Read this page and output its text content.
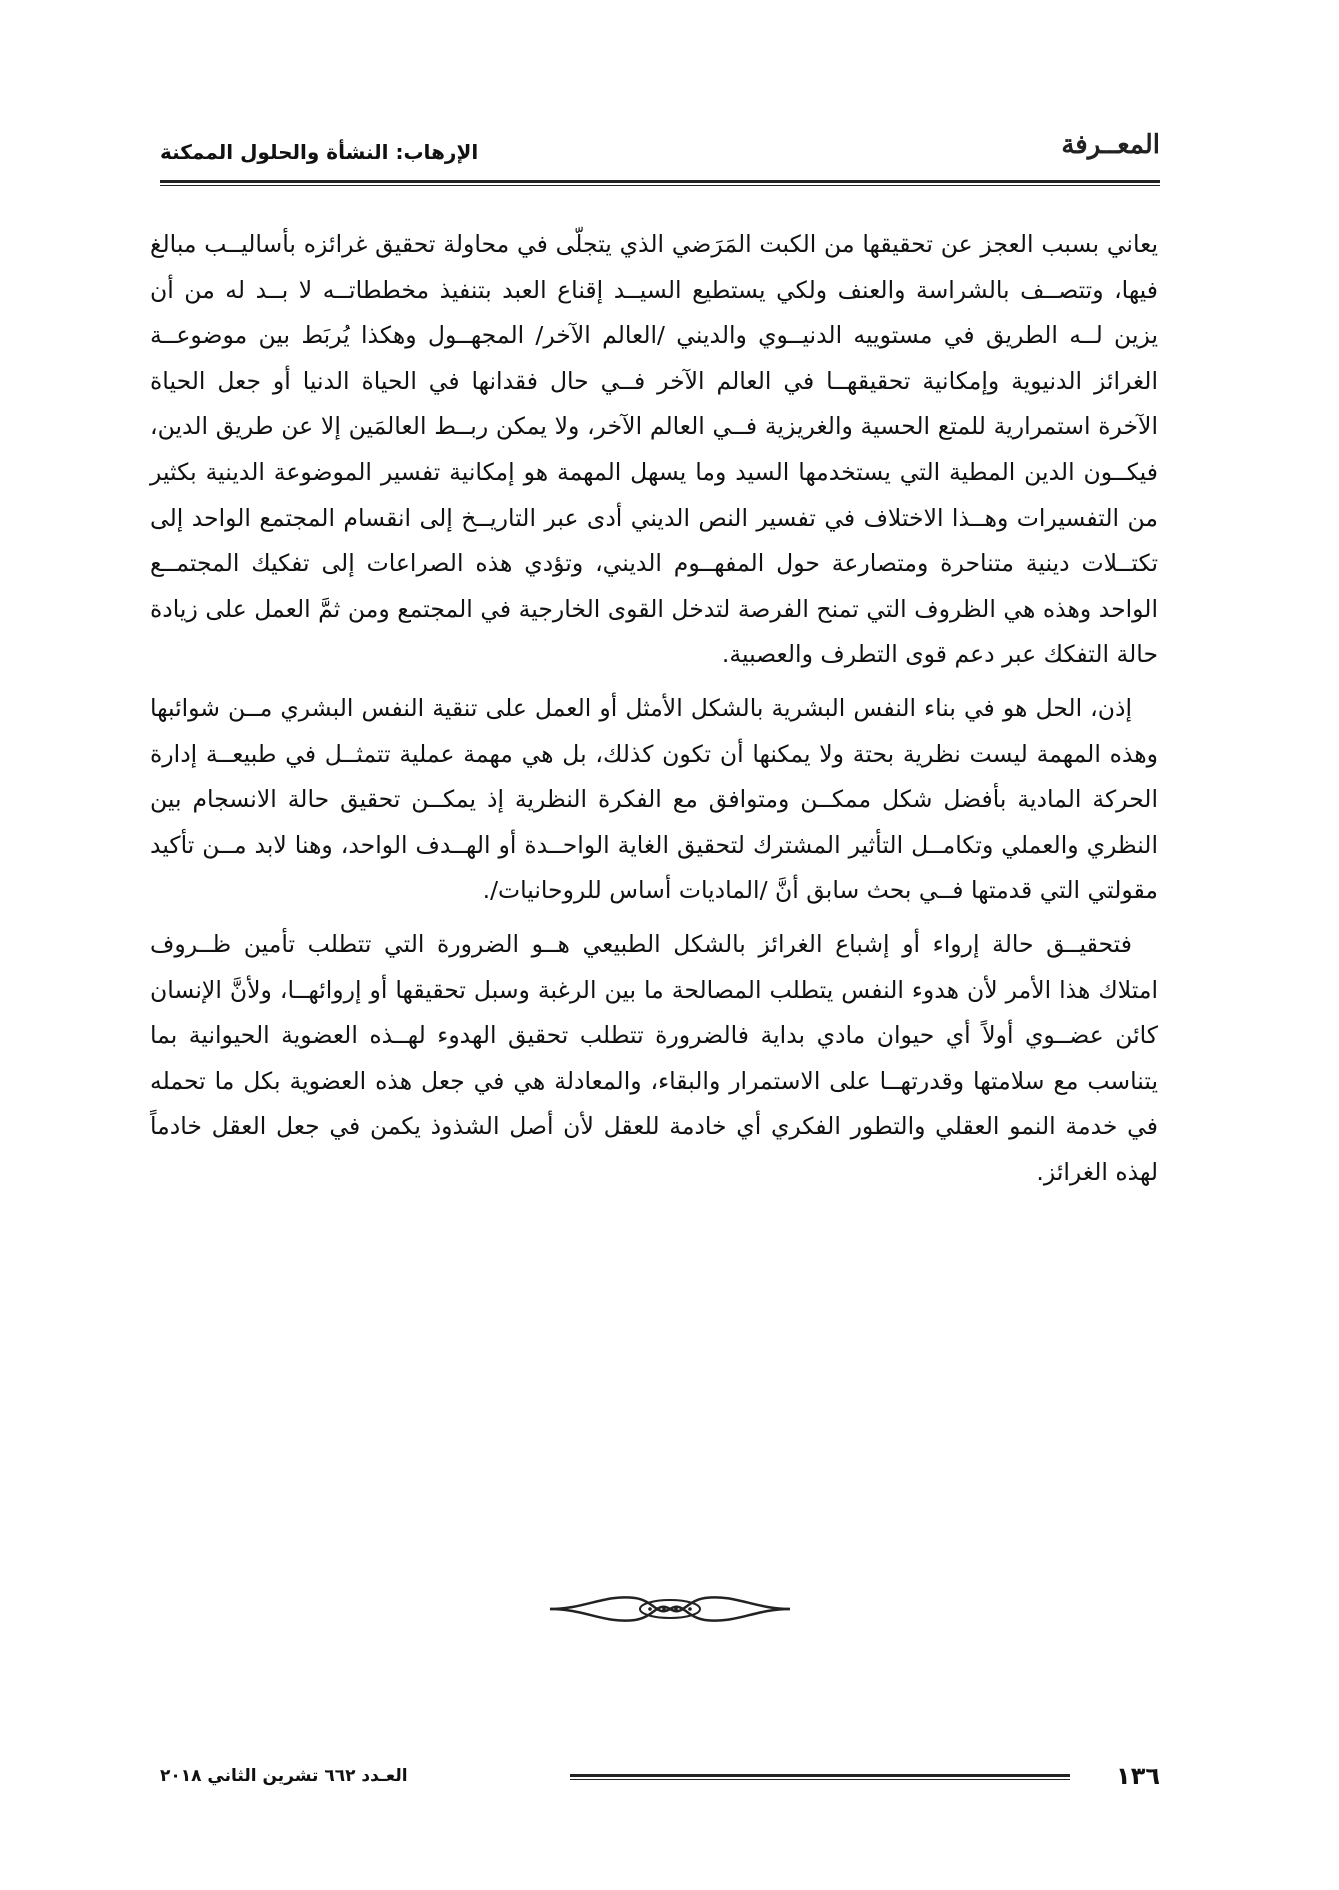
المعــرفة
الإرهاب: النشأة والحلول الممكنة

يعاني بسبب العجز عن تحقيقها من الكبت المَرَضي الذي يتجلّى في محاولة تحقيق غرائزه بأساليــب مبالغ فيها، وتتصــف بالشراسة والعنف ولكي يستطيع السيــد إقناع العبد بتنفيذ مخططاتــه لا بــد له من أن يزين لــه الطريق في مستوييه الدنيــوي والديني /العالم الآخر/ المجهــول وهكذا يُربَط بين موضوعــة الغرائز الدنيوية وإمكانية تحقيقهــا في العالم الآخر فــي حال فقدانها في الحياة الدنيا أو جعل الحياة الآخرة استمرارية للمتع الحسية والغريزية فــي العالم الآخر، ولا يمكن ربــط العالمَين إلا عن طريق الدين، فيكــون الدين المطية التي يستخدمها السيد وما يسهل المهمة هو إمكانية تفسير الموضوعة الدينية بكثير من التفسيرات وهــذا الاختلاف في تفسير النص الديني أدى عبر التاريــخ إلى انقسام المجتمع الواحد إلى تكتــلات دينية متناحرة ومتصارعة حول المفهــوم الديني، وتؤدي هذه الصراعات إلى تفكيك المجتمــع الواحد وهذه هي الظروف التي تمنح الفرصة لتدخل القوى الخارجية في المجتمع ومن ثمَّ العمل على زيادة حالة التفكك عبر دعم قوى التطرف والعصبية.

إذن، الحل هو في بناء النفس البشرية بالشكل الأمثل أو العمل على تنقية النفس البشري مــن شوائبها وهذه المهمة ليست نظرية بحتة ولا يمكنها أن تكون كذلك، بل هي مهمة عملية تتمثــل في طبيعــة إدارة الحركة المادية بأفضل شكل ممكــن ومتوافق مع الفكرة النظرية إذ يمكــن تحقيق حالة الانسجام بين النظري والعملي وتكامــل التأثير المشترك لتحقيق الغاية الواحــدة أو الهــدف الواحد، وهنا لابد مــن تأكيد مقولتي التي قدمتها فــي بحث سابق أنَّ /الماديات أساس للروحانيات/.

فتحقيــق حالة إرواء أو إشباع الغرائز بالشكل الطبيعي هــو الضرورة التي تتطلب تأمين ظــروف امتلاك هذا الأمر لأن هدوء النفس يتطلب المصالحة ما بين الرغبة وسبل تحقيقها أو إروائهــا، ولأنَّ الإنسان كائن عضــوي أولاً أي حيوان مادي بداية فالضرورة تتطلب تحقيق الهدوء لهــذه العضوية الحيوانية بما يتناسب مع سلامتها وقدرتهــا على الاستمرار والبقاء، والمعادلة هي في جعل هذه العضوية بكل ما تحمله في خدمة النمو العقلي والتطور الفكري أي خادمة للعقل لأن أصل الشذوذ يكمن في جعل العقل خادماً لهذه الغرائز.

١٣٦
العـدد ٦٦٢ تشرين الثاني ٢٠١٨
